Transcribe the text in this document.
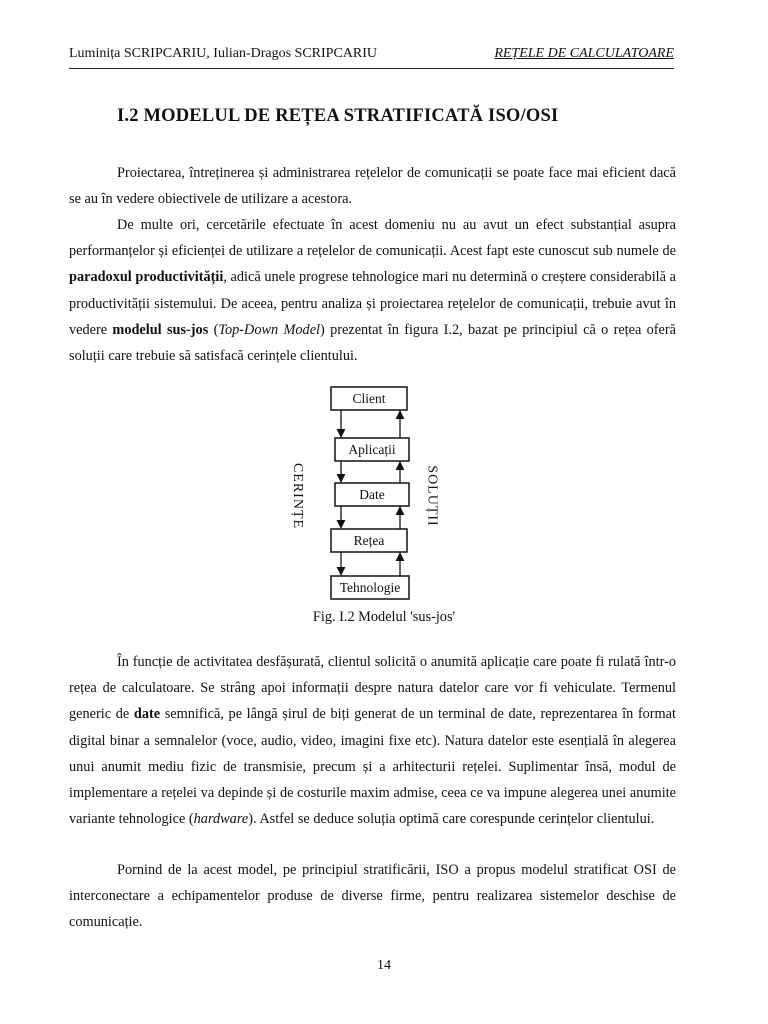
Luminița SCRIPCARIU, Iulian-Dragos SCRIPCARIU	REȚELE DE CALCULATOARE
I.2 MODELUL DE REȚEA STRATIFICATĂ ISO/OSI

Proiectarea, întreținerea și administrarea rețelelor de comunicații se poate face mai eficient dacă se au în vedere obiectivele de utilizare a acestora.

De multe ori, cercetările efectuate în acest domeniu nu au avut un efect substanțial asupra performanțelor și eficienței de utilizare a rețelelor de comunicații. Acest fapt este cunoscut sub numele de paradoxul productivității, adică unele progrese tehnologice mari nu determină o creștere considerabilă a productivității sistemului. De aceea, pentru analiza și proiectarea rețelelor de comunicații, trebuie avut în vedere modelul sus-jos (Top-Down Model) prezentat în figura I.2, bazat pe principiul că o rețea oferă soluții care trebuie să satisfacă cerințele clientului.

Client
Aplicații
Date
Rețea
Tehnologie
CERINȚE	SOLUȚII
Fig. I.2 Modelul 'sus-jos'

În funcție de activitatea desfășurată, clientul solicită o anumită aplicație care poate fi rulată într-o rețea de calculatoare. Se strâng apoi informații despre natura datelor care vor fi vehiculate. Termenul generic de date semnifică, pe lângă șirul de biți generat de un terminal de date, reprezentarea în format digital binar a semnalelor (voce, audio, video, imagini fixe etc). Natura datelor este esențială în alegerea unui anumit mediu fizic de transmisie, precum și a arhitecturii rețelei. Suplimentar însă, modul de implementare a rețelei va depinde și de costurile maxim admise, ceea ce va impune alegerea unei anumite variante tehnologice (hardware). Astfel se deduce soluția optimă care corespunde cerințelor clientului.

Pornind de la acest model, pe principiul stratificării, ISO a propus modelul stratificat OSI de interconectare a echipamentelor produse de diverse firme, pentru realizarea sistemelor deschise de comunicație.

14
